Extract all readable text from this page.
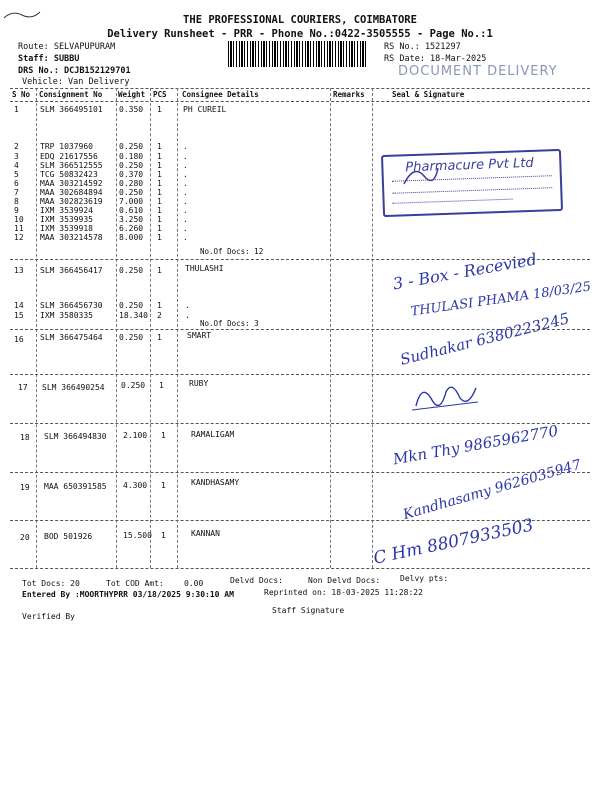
THE PROFESSIONAL COURIERS, COIMBATORE
Delivery Runsheet - PRR - Phone No.:0422-3505555 - Page No.:1
Route: SELVAPUPURAM
Staff: SUBBU
DRS No.: DCJB152129701
Vehicle: Van Delivery
RS No.: 1521297
RS Date: 18-Mar-2025
DOCUMENT DELIVERY
S No Consignment No Weight PCS Consignee Details	Remarks	Seal & Signature
1	SLM 366495101 0.350 1	PH CUREIL
2	TRP 1037960	0.250 1	.
3	EDQ 21617556	0.180 1	.
4	SLM 366512555 0.250 1	.
5	TCG 50832423	0.370 1	.
6	MAA 303214592 0.280 1	.
7	MAA 302684894 0.250 1	.
8	MAA 302823619 7.000 1	.
9	IXM 3539924	0.610 1	.
10 IXM 3539935	3.250 1	.
11 IXM 3539918	6.260 1	.
12 MAA 303214578 8.000 1	.
No.Of Docs: 12
13 SLM 366456417 0.250 1	THULASHI
14 SLM 366456730 0.250 1	.
15 IXM 3580335	18.340 2	.
No.Of Docs: 3
16 SLM 366475464 0.250 1	SMART
17 SLM 366490254 0.250 1	RUBY
18 SLM 366494830 2.100 1	RAMALIGAM
19 MAA 650391585 4.300 1	KANDHASAMY
20 BOD 501926	15.500 1	KANNAN
Pharmacure Pvt Ltd
3 - Box - Recevied
THULASI PHAMA 18/03/25
Sudhakar 6380223245
Mkn Thy 9865962770
Kandhasamy 9626035947
C Hm 8807933503
Tot Docs: 20	Tot COD Amt:	0.00	Delvd Docs:	Non Delvd Docs: Delvy pts:
Entered By :MOORTHYPRR 03/18/2025 9:30:10 AM	Reprinted on: 18-03-2025 11:28:22
Verified By
Staff Signature
